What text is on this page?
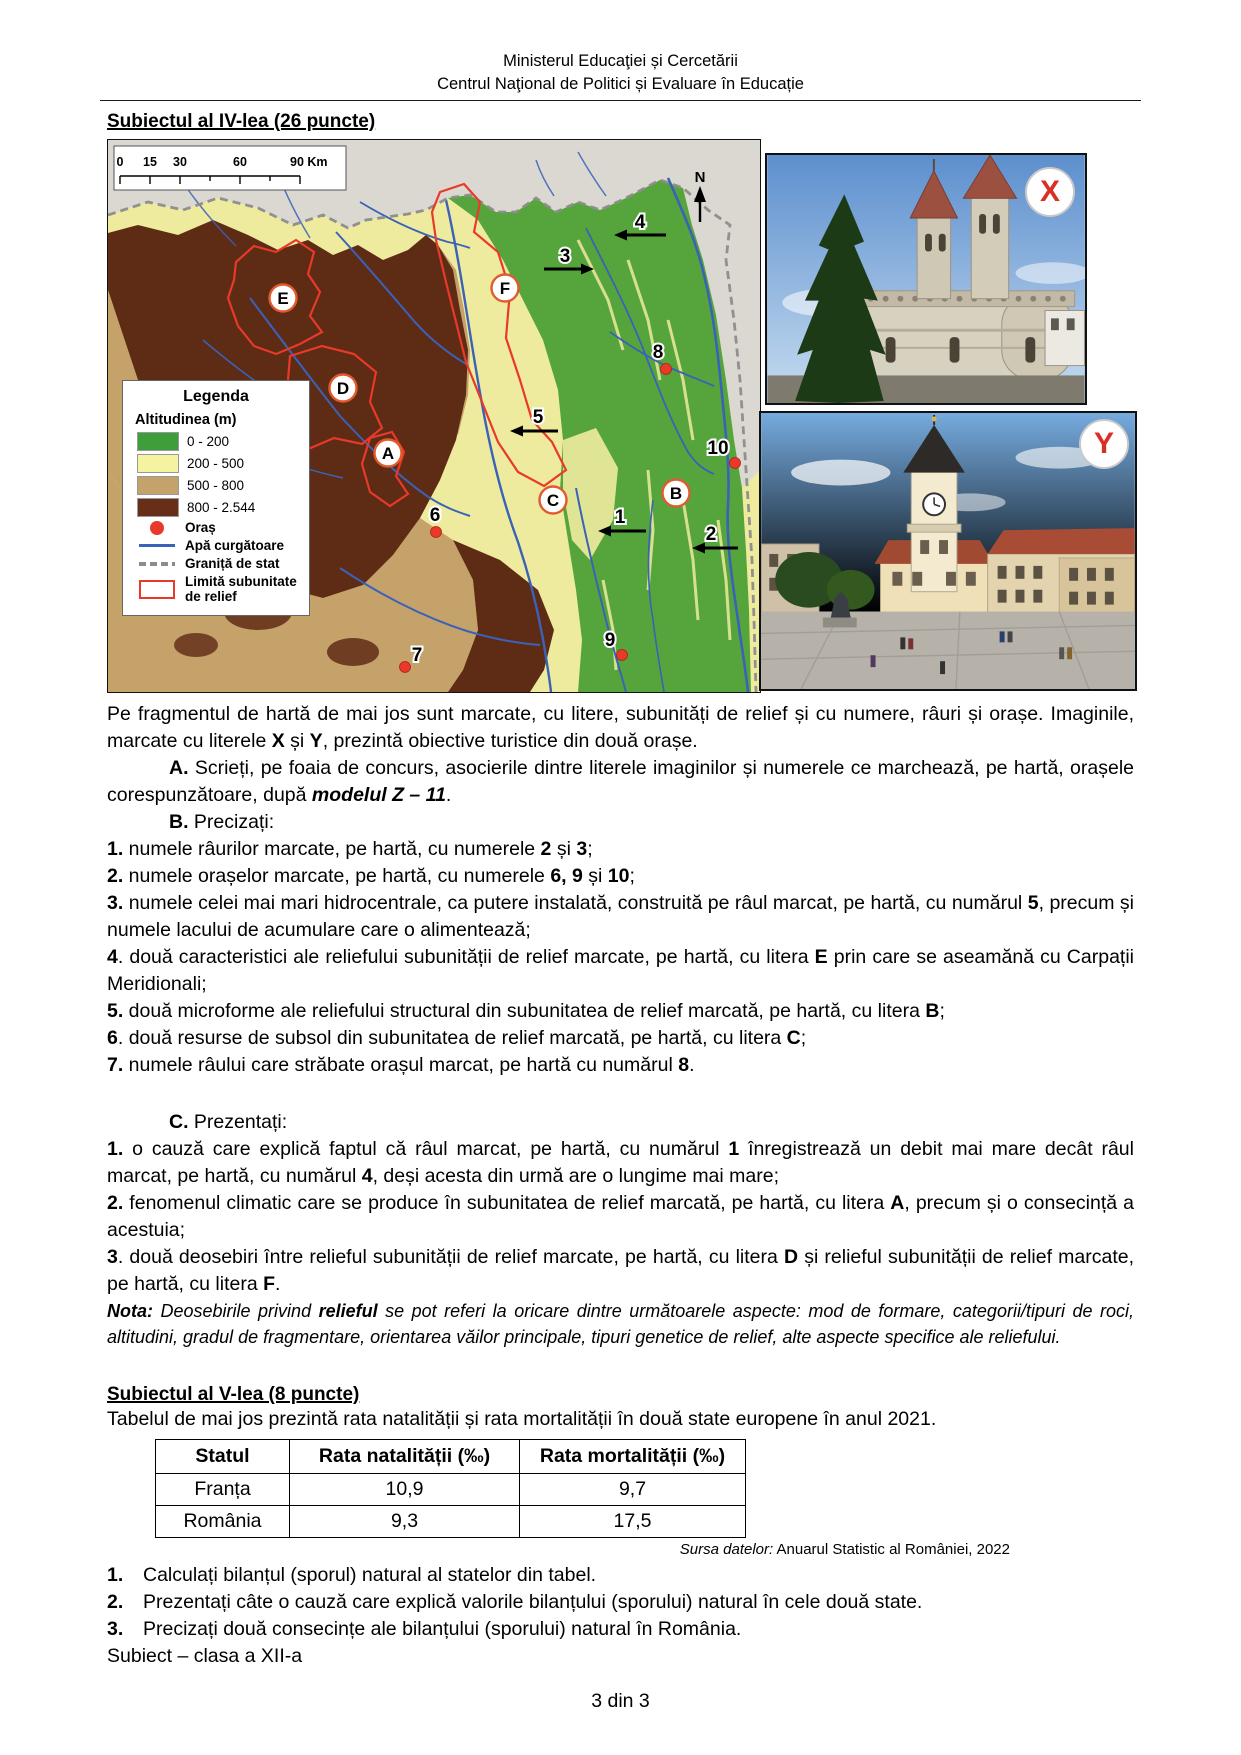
Ministerul Educaţiei și Cercetării
Centrul Naţional de Politici și Evaluare în Educație
Subiectul al IV-lea (26 puncte)
0 15 30	60	90 Km
N
4
3
8
10
5
1
2
6
9
7
E
F
D
A
C	B
Legenda
Altitudinea (m)
0 - 200
200 - 500
500 - 800
800 - 2.544
Oraș
Apă curgătoare
Graniță de stat
Limită subunitate de relief
X
Y

Pe fragmentul de hartă de mai jos sunt marcate, cu litere, subunități de relief și cu numere, râuri și orașe. Imaginile, marcate cu literele X și Y, prezintă obiective turistice din două orașe.

A. Scrieți, pe foaia de concurs, asocierile dintre literele imaginilor și numerele ce marchează, pe hartă, orașele corespunzătoare, după modelul Z – 11.

B. Precizați:

1. numele râurilor marcate, pe hartă, cu numerele 2 și 3;

2. numele orașelor marcate, pe hartă, cu numerele 6, 9 și 10;

3. numele celei mai mari hidrocentrale, ca putere instalată, construită pe râul marcat, pe hartă, cu numărul 5, precum și numele lacului de acumulare care o alimentează;

4. două caracteristici ale reliefului subunității de relief marcate, pe hartă, cu litera E prin care se aseamănă cu Carpații Meridionali;

5. două microforme ale reliefului structural din subunitatea de relief marcată, pe hartă, cu litera B;

6. două resurse de subsol din subunitatea de relief marcată, pe hartă, cu litera C;

7. numele râului care străbate orașul marcat, pe hartă cu numărul 8.

C. Prezentați:

1. o cauză care explică faptul că râul marcat, pe hartă, cu numărul 1 înregistrează un debit mai mare decât râul marcat, pe hartă, cu numărul 4, deși acesta din urmă are o lungime mai mare;

2. fenomenul climatic care se produce în subunitatea de relief marcată, pe hartă, cu litera A, precum și o consecință a acestuia;

3. două deosebiri între relieful subunității de relief marcate, pe hartă, cu litera D și relieful subunității de relief marcate, pe hartă, cu litera F.

Nota: Deosebirile privind relieful se pot referi la oricare dintre următoarele aspecte: mod de formare, categorii/tipuri de roci, altitudini, gradul de fragmentare, orientarea văilor principale, tipuri genetice de relief, alte aspecte specifice ale reliefului.

Subiectul al V-lea (8 puncte)

Tabelul de mai jos prezintă rata natalității și rata mortalității în două state europene în anul 2021.

Statul	Rata natalității (‰)	Rata mortalității (‰)
Franța	10,9	9,7
România	9,3	17,5
Sursa datelor: Anuarul Statistic al României, 2022

1. Calculați bilanțul (sporul) natural al statelor din tabel.

2. Prezentați câte o cauză care explică valorile bilanțului (sporului) natural în cele două state.

3. Precizați două consecințe ale bilanțului (sporului) natural în România.

Subiect – clasa a XII-a
3 din 3
